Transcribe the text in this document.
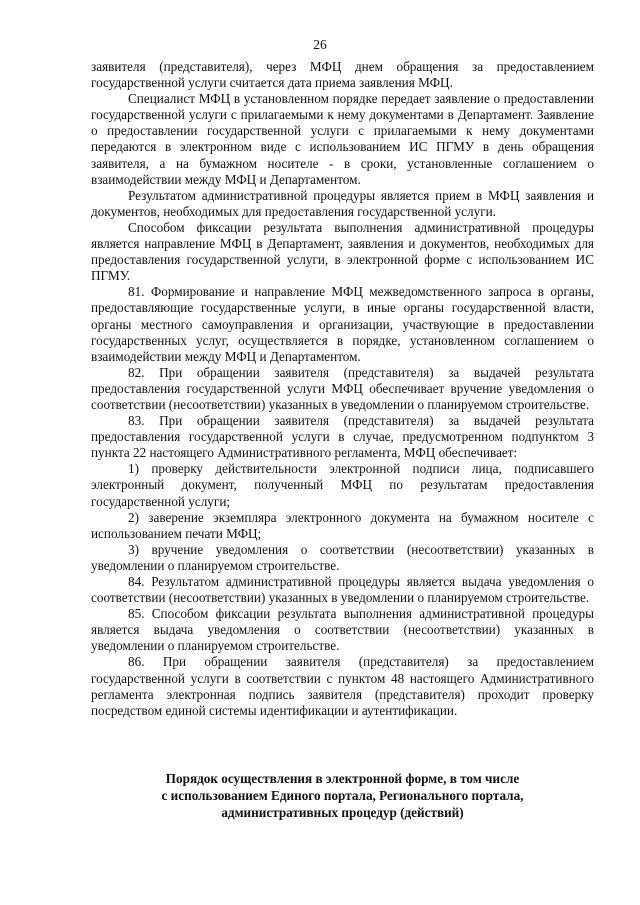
26

заявителя (представителя), через МФЦ днем обращения за предоставлением государственной услуги считается дата приема заявления МФЦ.

Специалист МФЦ в установленном порядке передает заявление о предоставлении государственной услуги с прилагаемыми к нему документами в Департамент. Заявление о предоставлении государственной услуги с прилагаемыми к нему документами передаются в электронном виде с использованием ИС ПГМУ в день обращения заявителя, а на бумажном носителе - в сроки, установленные соглашением о взаимодействии между МФЦ и Департаментом.

Результатом административной процедуры является прием в МФЦ заявления и документов, необходимых для предоставления государственной услуги.

Способом фиксации результата выполнения административной процедуры является направление МФЦ в Департамент, заявления и документов, необходимых для предоставления государственной услуги, в электронной форме с использованием ИС ПГМУ.

81. Формирование и направление МФЦ межведомственного запроса в органы, предоставляющие государственные услуги, в иные органы государственной власти, органы местного самоуправления и организации, участвующие в предоставлении государственных услуг, осуществляется в порядке, установленном соглашением о взаимодействии между МФЦ и Департаментом.

82. При обращении заявителя (представителя) за выдачей результата предоставления государственной услуги МФЦ обеспечивает вручение уведомления о соответствии (несоответствии) указанных в уведомлении о планируемом строительстве.

83. При обращении заявителя (представителя) за выдачей результата предоставления государственной услуги в случае, предусмотренном подпунктом 3 пункта 22 настоящего Административного регламента, МФЦ обеспечивает:

1) проверку действительности электронной подписи лица, подписавшего электронный документ, полученный МФЦ по результатам предоставления государственной услуги;

2) заверение экземпляра электронного документа на бумажном носителе с использованием печати МФЦ;

3) вручение уведомления о соответствии (несоответствии) указанных в уведомлении о планируемом строительстве.

84. Результатом административной процедуры является выдача уведомления о соответствии (несоответствии) указанных в уведомлении о планируемом строительстве.

85. Способом фиксации результата выполнения административной процедуры является выдача уведомления о соответствии (несоответствии) указанных в уведомлении о планируемом строительстве.

86. При обращении заявителя (представителя) за предоставлением государственной услуги в соответствии с пунктом 48 настоящего Административного регламента электронная подпись заявителя (представителя) проходит проверку посредством единой системы идентификации и аутентификации.

Порядок осуществления в электронной форме, в том числе
с использованием Единого портала, Регионального портала,
административных процедур (действий)
